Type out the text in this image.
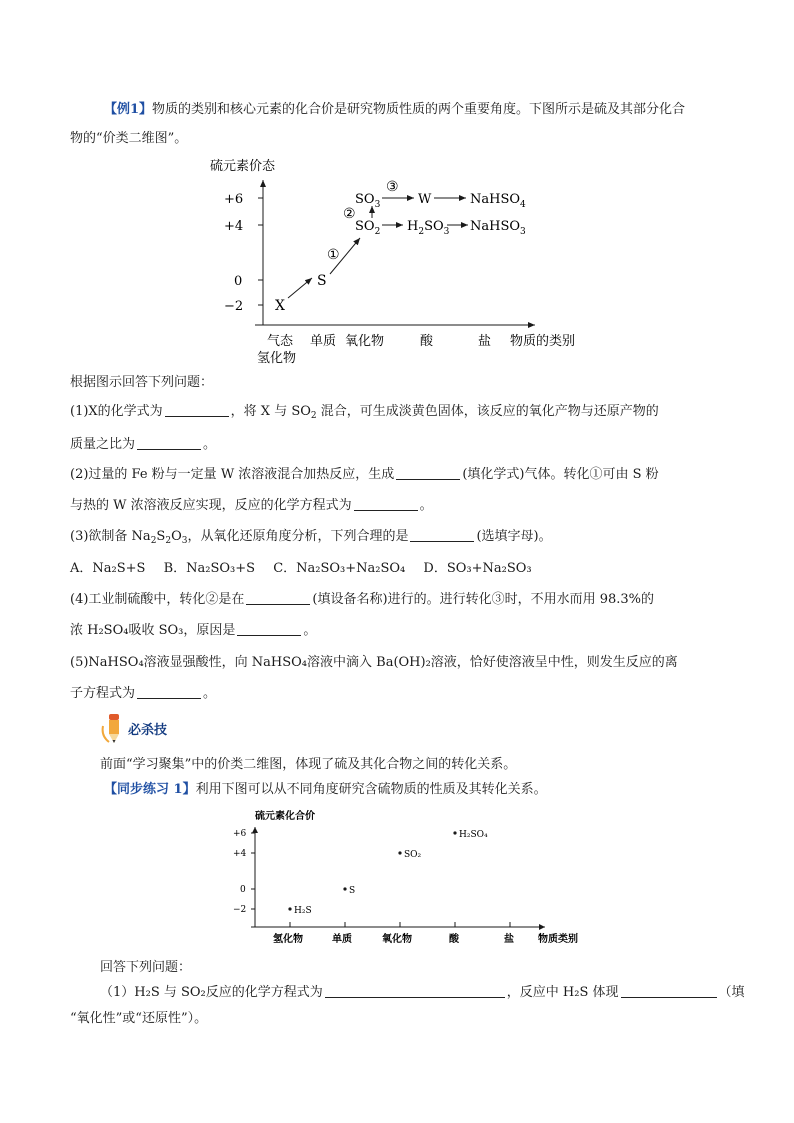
【例1】物质的类别和核心元素的化合价是研究物质性质的两个重要角度。下图所示是硫及其部分化合
物的“价类二维图”。
硫元素价态
+6
+4
0
−2
气态
氢化物
单质 氧化物	酸	盐 物质的类别
X
S
$SO_3$	W	NaHSO$_4$
$SO_2$ $H_2SO_3$ NaHSO$_3$
①
②
③
根据图示回答下列问题：
(1)X的化学式为	，将 X 与 $SO_2$ 混合，可生成淡黄色固体，该反应的氧化产物与还原产物的
质量之比为	。
(2)过量的 Fe 粉与一定量 W 浓溶液混合加热反应，生成	(填化学式)气体。转化①可由 S 粉
与热的 W 浓溶液反应实现，反应的化学方程式为	。
(3)欲制备 $Na_2S_2O_3$，从氧化还原角度分析，下列合理的是	(选填字母)。
A．Na₂S+S B．Na₂SO₃+S C．Na₂SO₃+Na₂SO₄ D．SO₃+Na₂SO₃
(4)工业制硫酸中，转化②是在	(填设备名称)进行的。进行转化③时，不用水而用 98.3%的
浓 H₂SO₄吸收 SO₃，原因是	。
(5)NaHSO₄溶液显强酸性，向 NaHSO₄溶液中滴入 Ba(OH)₂溶液，恰好使溶液呈中性，则发生反应的离
子方程式为	。
必杀技
前面“学习聚集”中的价类二维图，体现了硫及其化合物之间的转化关系。
【同步练习 1】利用下图可以从不同角度研究含硫物质的性质及其转化关系。
硫元素化合价
+6
+4
0
−2
氢化物	单质	氧化物	酸	盐 物质类别
H₂S
S
SO₂
H₂SO₄
回答下列问题：
（1）H₂S 与 SO₂反应的化学方程式为	，反应中 H₂S 体现	（填
“氧化性”或“还原性”）。
